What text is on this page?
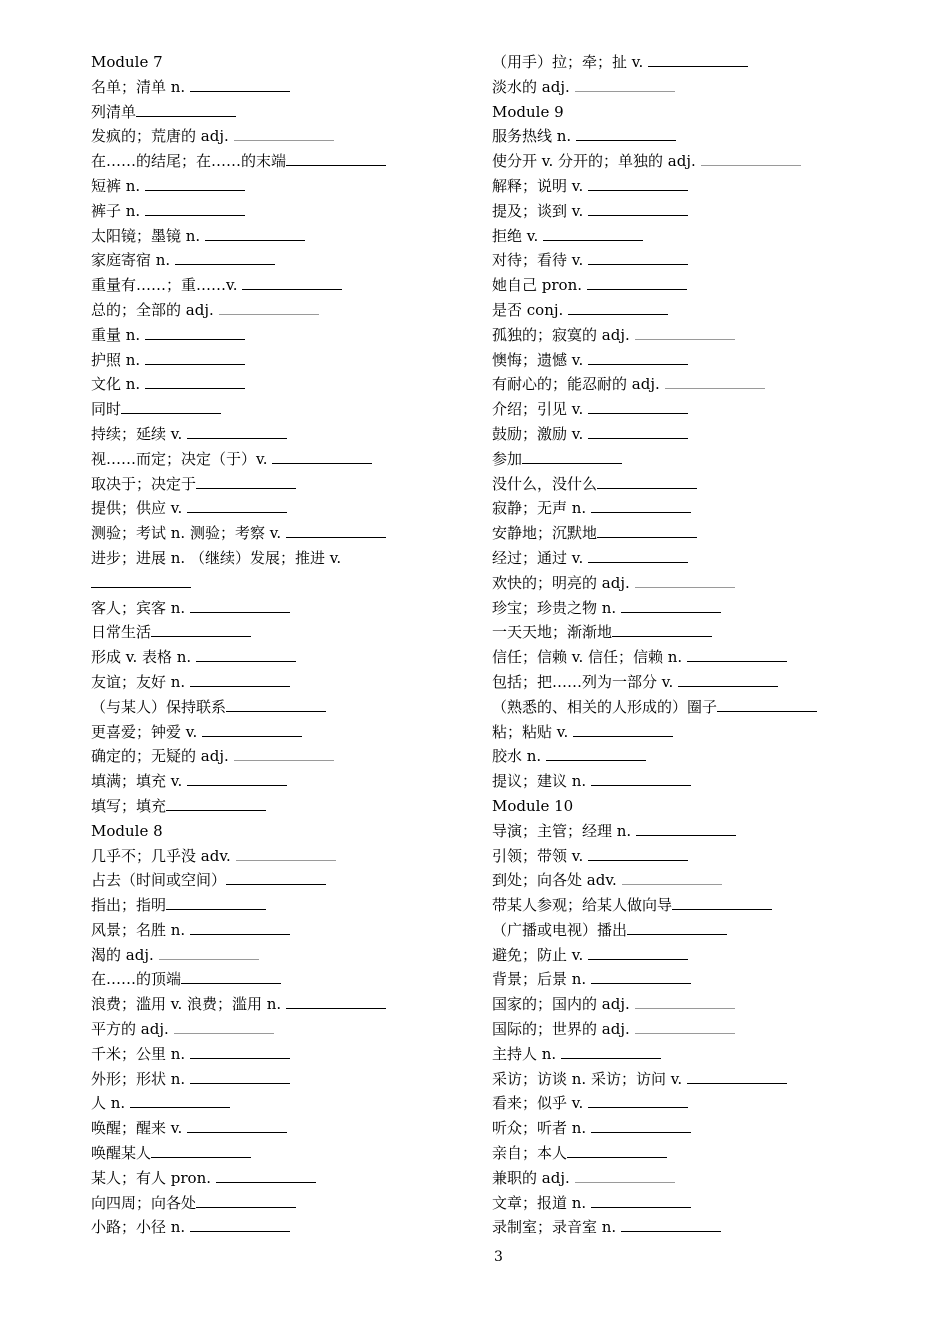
Module 7
名单；清单 n.
列清单
发疯的；荒唐的 adj.
在……的结尾；在……的末端
短裤 n.
裤子 n.
太阳镜；墨镜 n.
家庭寄宿 n.
重量有……；重……v.
总的；全部的 adj.
重量 n.
护照 n.
文化 n.
同时
持续；延续 v.
视……而定；决定（于）v.
取决于；决定于
提供；供应 v.
测验；考试 n. 测验；考察 v.
进步；进展 n. （继续）发展；推进 v.
客人；宾客 n.
日常生活
形成 v. 表格 n.
友谊；友好 n.
（与某人）保持联系
更喜爱；钟爱 v.
确定的；无疑的 adj.
填满；填充 v.
填写；填充
Module 8
几乎不；几乎没 adv.
占去（时间或空间）
指出；指明
风景；名胜 n.
渴的 adj.
在……的顶端
浪费；滥用 v. 浪费；滥用 n.
平方的 adj.
千米；公里 n.
外形；形状 n.
人 n.
唤醒；醒来 v.
唤醒某人
某人；有人 pron.
向四周；向各处
小路；小径 n.
（用手）拉；牵；扯 v.
淡水的 adj.
Module 9
服务热线 n.
使分开 v. 分开的；单独的 adj.
解释；说明 v.
提及；谈到 v.
拒绝 v.
对待；看待 v.
她自己 pron.
是否 conj.
孤独的；寂寞的 adj.
懊悔；遗憾 v.
有耐心的；能忍耐的 adj.
介绍；引见 v.
鼓励；激励 v.
参加
没什么，没什么
寂静；无声 n.
安静地；沉默地
经过；通过 v.
欢快的；明亮的 adj.
珍宝；珍贵之物 n.
一天天地；渐渐地
信任；信赖 v. 信任；信赖 n.
包括；把……列为一部分 v.
（熟悉的、相关的人形成的）圈子
粘；粘贴 v.
胶水 n.
提议；建议 n.
Module 10
导演；主管；经理 n.
引领；带领 v.
到处；向各处 adv.
带某人参观；给某人做向导
（广播或电视）播出
避免；防止 v.
背景；后景 n.
国家的；国内的 adj.
国际的；世界的 adj.
主持人 n.
采访；访谈 n. 采访；访问 v.
看来；似乎 v.
听众；听者 n.
亲自；本人
兼职的 adj.
文章；报道 n.
录制室；录音室 n.
3
